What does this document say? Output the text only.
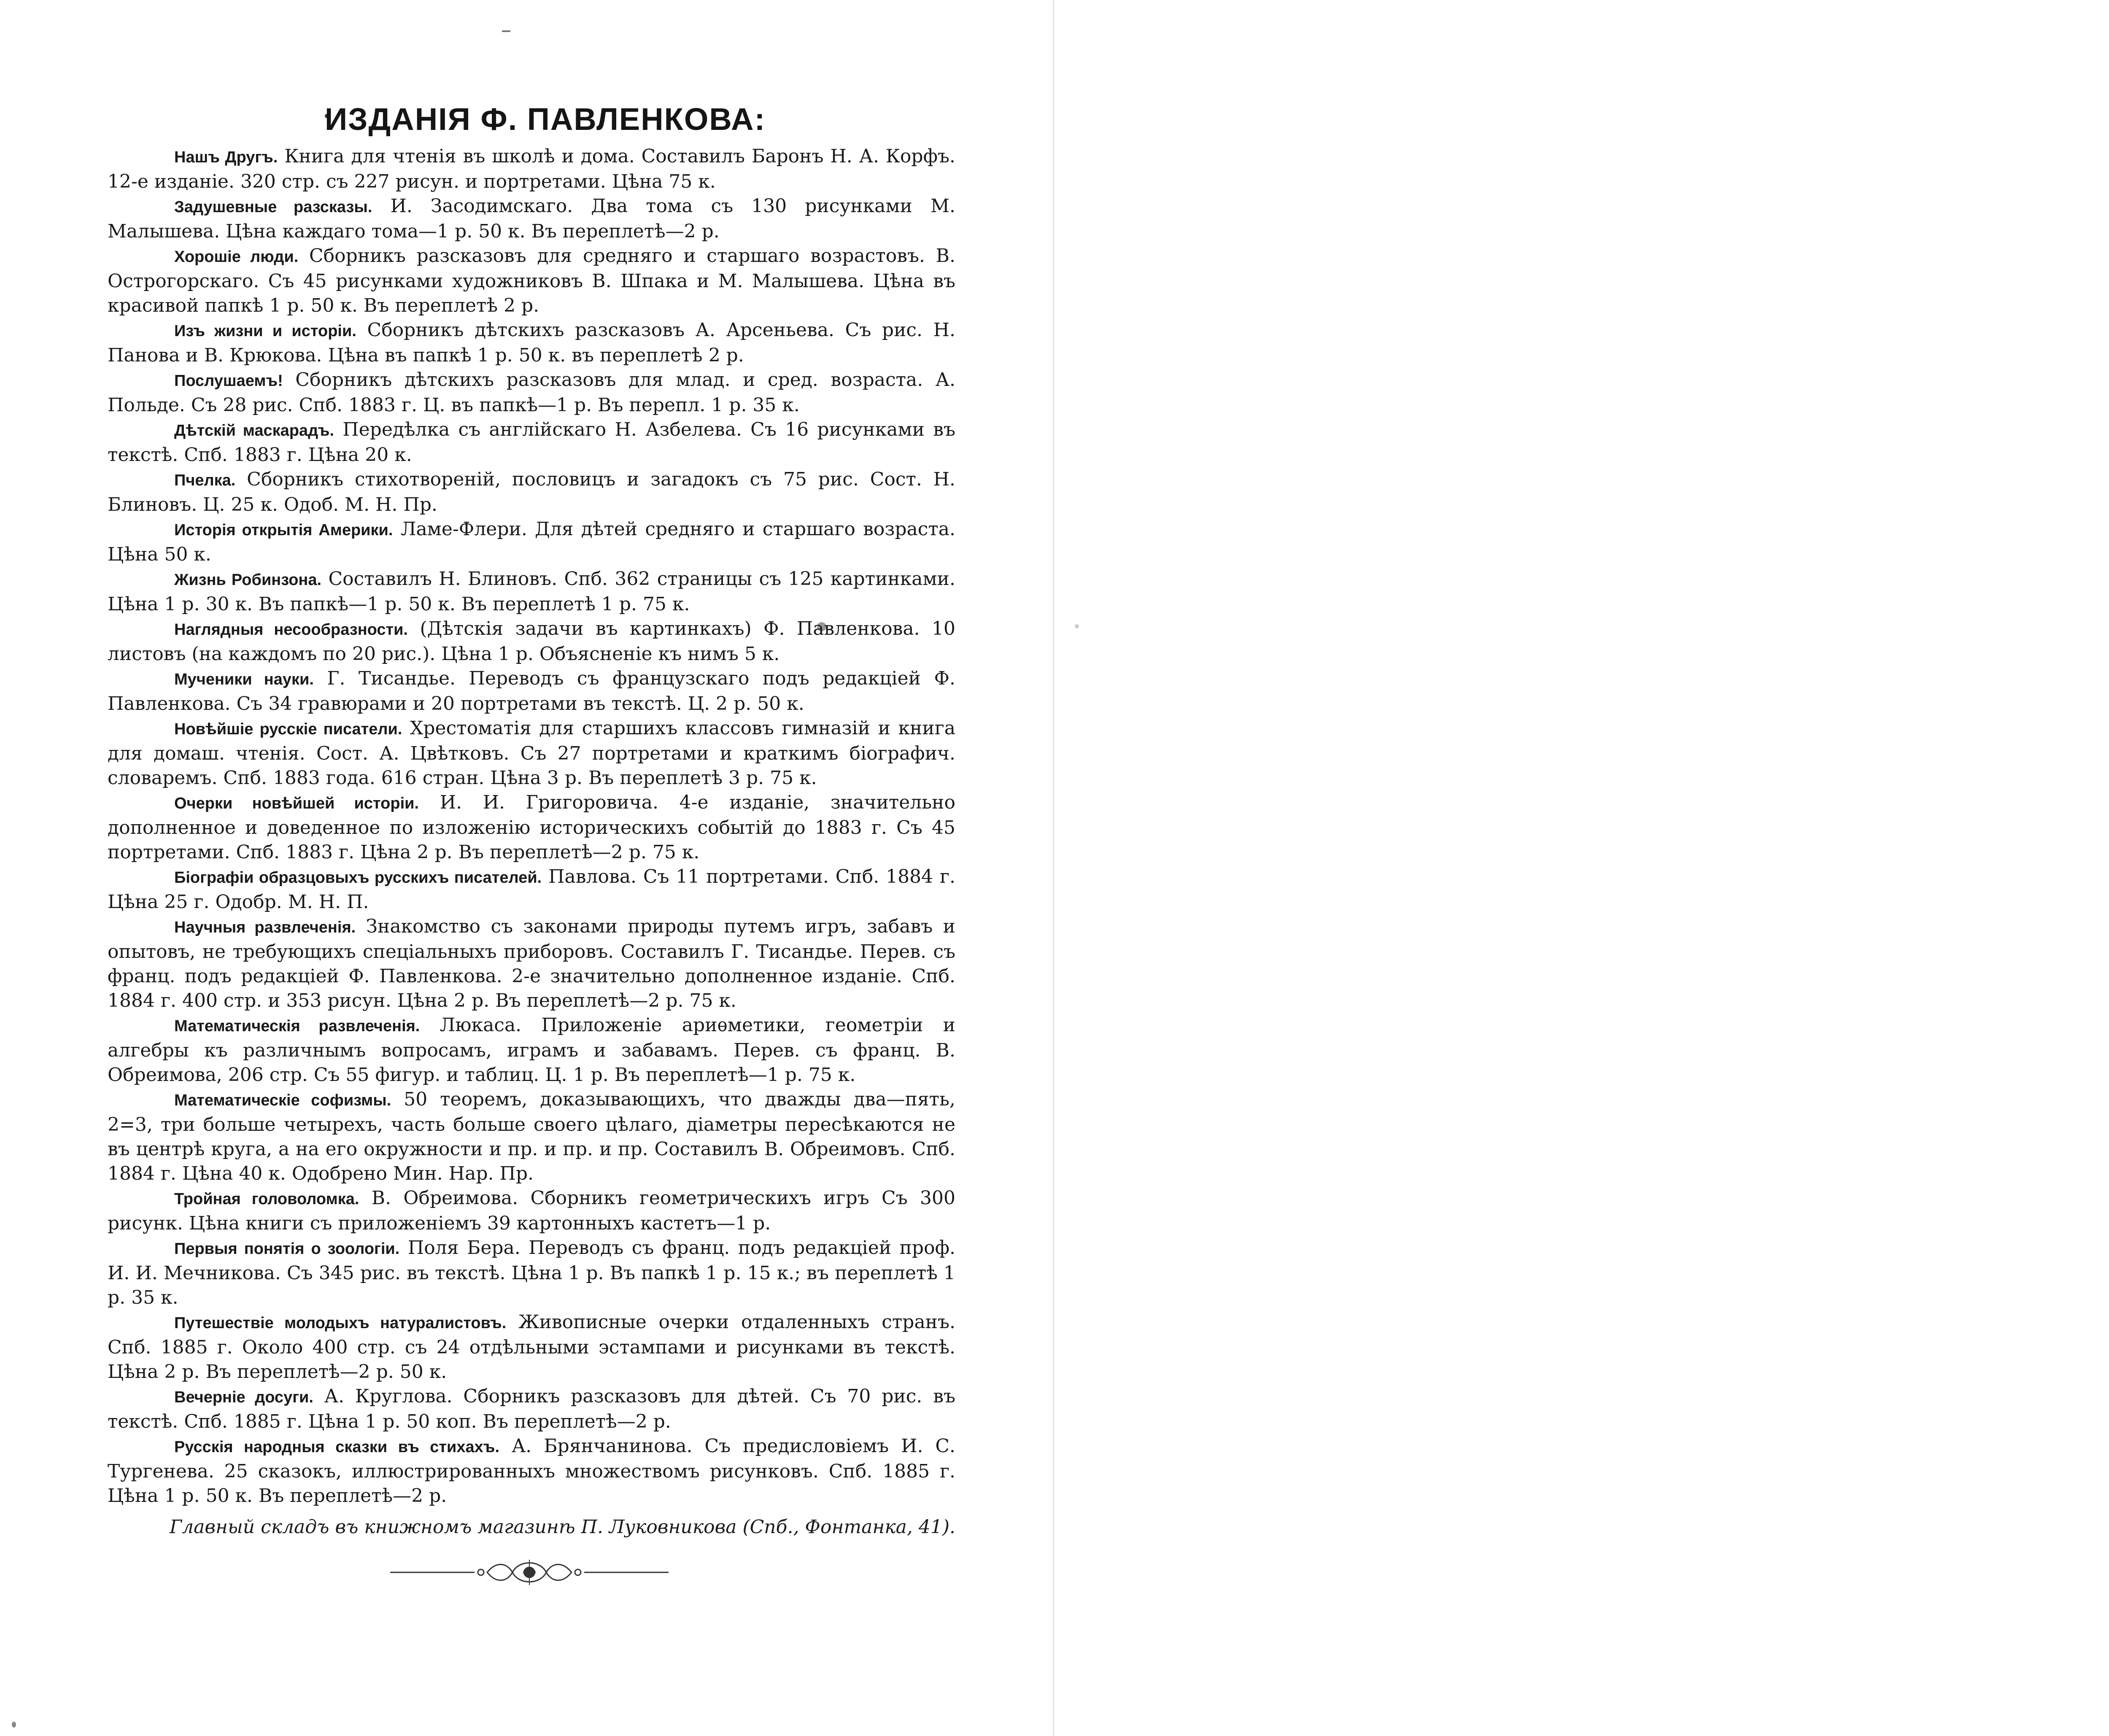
ИЗДАНІЯ Ф. ПАВЛЕНКОВА:

Нашъ Другъ. Книга для чтенія въ школѣ и дома. Составилъ Баронъ Н. А. Корфъ. 12-е изданіе. 320 стр. съ 227 рисун. и портретами. Цѣна 75 к.

Задушевные разсказы. И. Засодимскаго. Два тома съ 130 рисунками М. Малышева. Цѣна каждаго тома—1 р. 50 к. Въ переплетѣ—2 р.

Хорошіе люди. Сборникъ разсказовъ для средняго и старшаго возрастовъ. В. Острогорскаго. Съ 45 рисунками художниковъ В. Шпака и М. Малышева. Цѣна въ красивой папкѣ 1 р. 50 к. Въ переплетѣ 2 р.

Изъ жизни и исторіи. Сборникъ дѣтскихъ разсказовъ А. Арсеньева. Съ рис. Н. Панова и В. Крюкова. Цѣна въ папкѣ 1 р. 50 к. въ переплетѣ 2 р.

Послушаемъ! Сборникъ дѣтскихъ разсказовъ для млад. и сред. возраста. А. Польде. Съ 28 рис. Спб. 1883 г. Ц. въ папкѣ—1 р. Въ перепл. 1 р. 35 к.

Дѣтскій маскарадъ. Передѣлка съ англійскаго Н. Азбелева. Съ 16 рисунками въ текстѣ. Спб. 1883 г. Цѣна 20 к.

Пчелка. Сборникъ стихотвореній, пословицъ и загадокъ съ 75 рис. Сост. Н. Блиновъ. Ц. 25 к. Одоб. М. Н. Пр.

Исторія открытія Америки. Ламе-Флери. Для дѣтей средняго и старшаго возраста. Цѣна 50 к.

Жизнь Робинзона. Составилъ Н. Блиновъ. Спб. 362 страницы съ 125 картинками. Цѣна 1 р. 30 к. Въ папкѣ—1 р. 50 к. Въ переплетѣ 1 р. 75 к.

Наглядныя несообразности. (Дѣтскія задачи въ картинкахъ) Ф. Павленкова. 10 листовъ (на каждомъ по 20 рис.). Цѣна 1 р. Объясненіе къ нимъ 5 к.

Мученики науки. Г. Тисандье. Переводъ съ французскаго подъ редакціей Ф. Павленкова. Съ 34 гравюрами и 20 портретами въ текстѣ. Ц. 2 р. 50 к.

Новѣйшіе русскіе писатели. Хрестоматія для старшихъ классовъ гимназій и книга для домаш. чтенія. Сост. А. Цвѣтковъ. Съ 27 портретами и краткимъ біографич. словаремъ. Спб. 1883 года. 616 стран. Цѣна 3 р. Въ переплетѣ 3 р. 75 к.

Очерки новѣйшей исторіи. И. И. Григоровича. 4-е изданіе, значительно дополненное и доведенное по изложенію историческихъ событій до 1883 г. Съ 45 портретами. Спб. 1883 г. Цѣна 2 р. Въ переплетѣ—2 р. 75 к.

Біографіи образцовыхъ русскихъ писателей. Павлова. Съ 11 портретами. Спб. 1884 г. Цѣна 25 г. Одобр. М. Н. П.

Научныя развлеченія. Знакомство съ законами природы путемъ игръ, забавъ и опытовъ, не требующихъ спеціальныхъ приборовъ. Составилъ Г. Тисандье. Перев. съ франц. подъ редакціей Ф. Павленкова. 2-е значительно дополненное изданіе. Спб. 1884 г. 400 стр. и 353 рисун. Цѣна 2 р. Въ переплетѣ—2 р. 75 к.

Математическія развлеченія. Люкаса. Приложеніе ариѳметики, геометріи и алгебры къ различнымъ вопросамъ, играмъ и забавамъ. Перев. съ франц. В. Обреимова, 206 стр. Съ 55 фигур. и таблиц. Ц. 1 р. Въ переплетѣ—1 р. 75 к.

Математическіе софизмы. 50 теоремъ, доказывающихъ, что дважды два—пять, 2=3, три больше четырехъ, часть больше своего цѣлаго, діаметры пересѣкаются не въ центрѣ круга, а на его окружности и пр. и пр. и пр. Составилъ В. Обреимовъ. Спб. 1884 г. Цѣна 40 к. Одобрено Мин. Нар. Пр.

Тройная головоломка. В. Обреимова. Сборникъ геометрическихъ игръ Съ 300 рисунк. Цѣна книги съ приложеніемъ 39 картонныхъ кастетъ—1 р.

Первыя понятія о зоологіи. Поля Бера. Переводъ съ франц. подъ редакціей проф. И. И. Мечникова. Съ 345 рис. въ текстѣ. Цѣна 1 р. Въ папкѣ 1 р. 15 к.; въ переплетѣ 1 р. 35 к.

Путешествіе молодыхъ натуралистовъ. Живописные очерки отдаленныхъ странъ. Спб. 1885 г. Около 400 стр. съ 24 отдѣльными эстампами и рисунками въ текстѣ. Цѣна 2 р. Въ переплетѣ—2 р. 50 к.

Вечерніе досуги. А. Круглова. Сборникъ разсказовъ для дѣтей. Съ 70 рис. въ текстѣ. Спб. 1885 г. Цѣна 1 р. 50 коп. Въ переплетѣ—2 р.

Русскія народныя сказки въ стихахъ. А. Брянчанинова. Съ предисловіемъ И. С. Тургенева. 25 сказокъ, иллюстрированныхъ множествомъ рисунковъ. Спб. 1885 г. Цѣна 1 р. 50 к. Въ переплетѣ—2 р.

Главный складъ въ книжномъ магазинѣ П. Луковникова (Спб., Фонтанка, 41).
